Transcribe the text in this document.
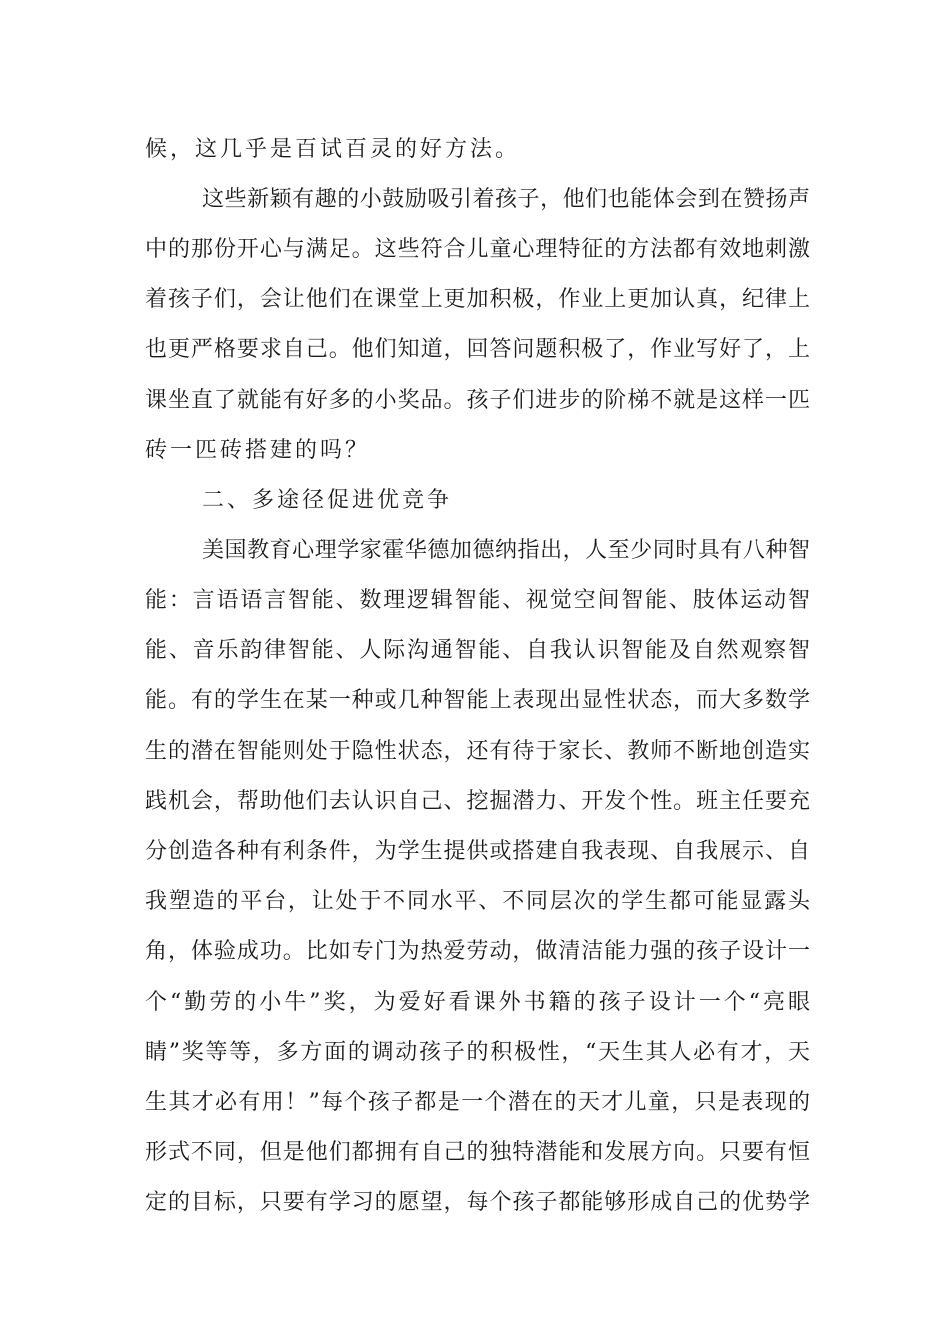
候，这几乎是百试百灵的好方法。
这些新颖有趣的小鼓励吸引着孩子，他们也能体会到在赞扬声
中的那份开心与满足。这些符合儿童心理特征的方法都有效地刺激
着孩子们，会让他们在课堂上更加积极，作业上更加认真，纪律上
也更严格要求自己。他们知道，回答问题积极了，作业写好了，上
课坐直了就能有好多的小奖品。孩子们进步的阶梯不就是这样一匹
砖一匹砖搭建的吗？
二、多途径促进优竞争
美国教育心理学家霍华德加德纳指出，人至少同时具有八种智
能：言语语言智能、数理逻辑智能、视觉空间智能、肢体运动智
能、音乐韵律智能、人际沟通智能、自我认识智能及自然观察智
能。有的学生在某一种或几种智能上表现出显性状态，而大多数学
生的潜在智能则处于隐性状态，还有待于家长、教师不断地创造实
践机会，帮助他们去认识自己、挖掘潜力、开发个性。班主任要充
分创造各种有利条件，为学生提供或搭建自我表现、自我展示、自
我塑造的平台，让处于不同水平、不同层次的学生都可能显露头
角，体验成功。比如专门为热爱劳动，做清洁能力强的孩子设计一
个“勤劳的小牛”奖，为爱好看课外书籍的孩子设计一个“亮眼
睛”奖等等，多方面的调动孩子的积极性，“天生其人必有才，天
生其才必有用！”每个孩子都是一个潜在的天才儿童，只是表现的
形式不同，但是他们都拥有自己的独特潜能和发展方向。只要有恒
定的目标，只要有学习的愿望，每个孩子都能够形成自己的优势学
